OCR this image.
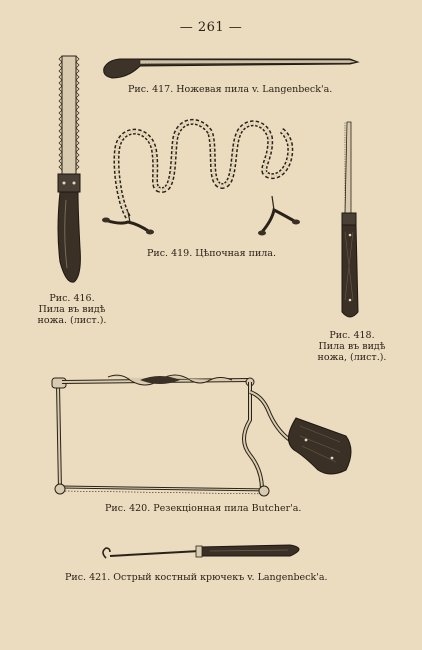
— 261 —
Рис. 417. Ножевая пила v. Langenbeck'a.
Рис. 419. Цѣпочная пила.
Рис. 416.
Пила въ видѣ
ножа. (лист.).
Рис. 418.
Пила въ видѣ
ножа, (лист.).
Рис. 420. Резекціонная пила Butcher'a.
Рис. 421. Острый костный крючекъ v. Langenbeck'a.
